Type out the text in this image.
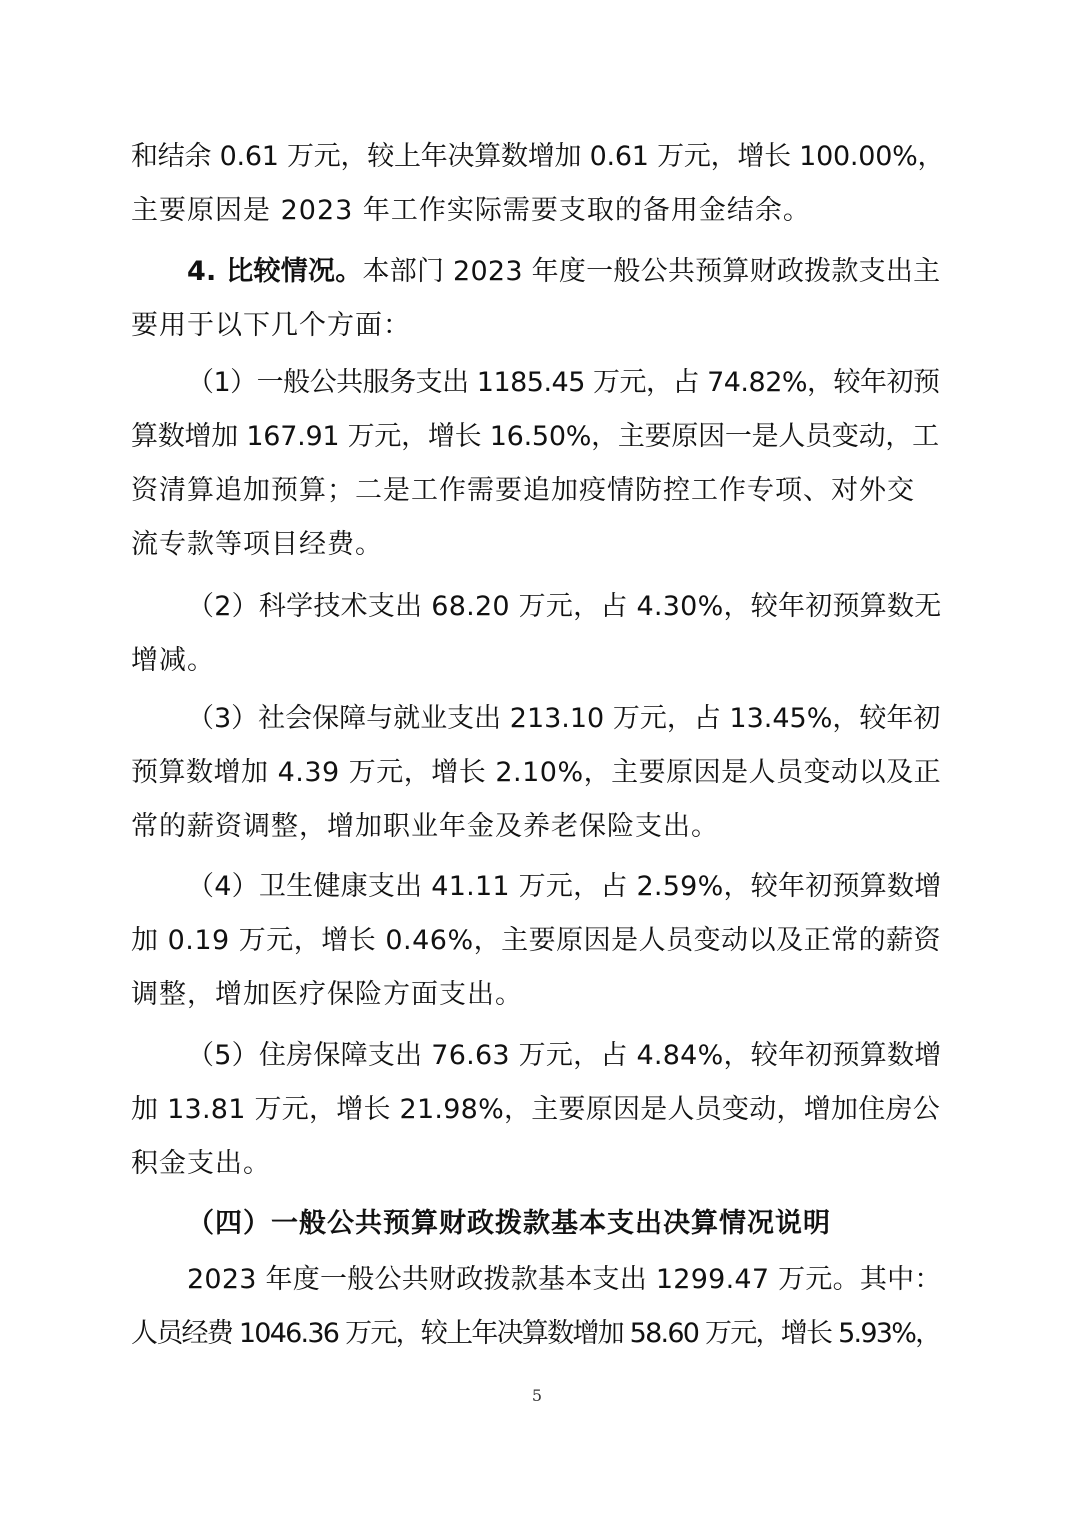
和结余 0.61 万元，较上年决算数增加 0.61 万元，增长 100.00%，
主要原因是 2023 年工作实际需要支取的备用金结余。
4. 比较情况。本部门 2023 年度一般公共预算财政拨款支出主
要用于以下几个方面：
（1）一般公共服务支出 1185.45 万元，占 74.82%，较年初预
算数增加 167.91 万元，增长 16.50%，主要原因一是人员变动，工
资清算追加预算；二是工作需要追加疫情防控工作专项、对外交
流专款等项目经费。
（2）科学技术支出 68.20 万元，占 4.30%，较年初预算数无
增减。
（3）社会保障与就业支出 213.10 万元，占 13.45%，较年初
预算数增加 4.39 万元，增长 2.10%，主要原因是人员变动以及正
常的薪资调整，增加职业年金及养老保险支出。
（4）卫生健康支出 41.11 万元，占 2.59%，较年初预算数增
加 0.19 万元，增长 0.46%，主要原因是人员变动以及正常的薪资
调整，增加医疗保险方面支出。
（5）住房保障支出 76.63 万元，占 4.84%，较年初预算数增
加 13.81 万元，增长 21.98%，主要原因是人员变动，增加住房公
积金支出。
（四）一般公共预算财政拨款基本支出决算情况说明
2023 年度一般公共财政拨款基本支出 1299.47 万元。其中：
人员经费 1046.36 万元，较上年决算数增加 58.60 万元，增长 5.93%，
5
